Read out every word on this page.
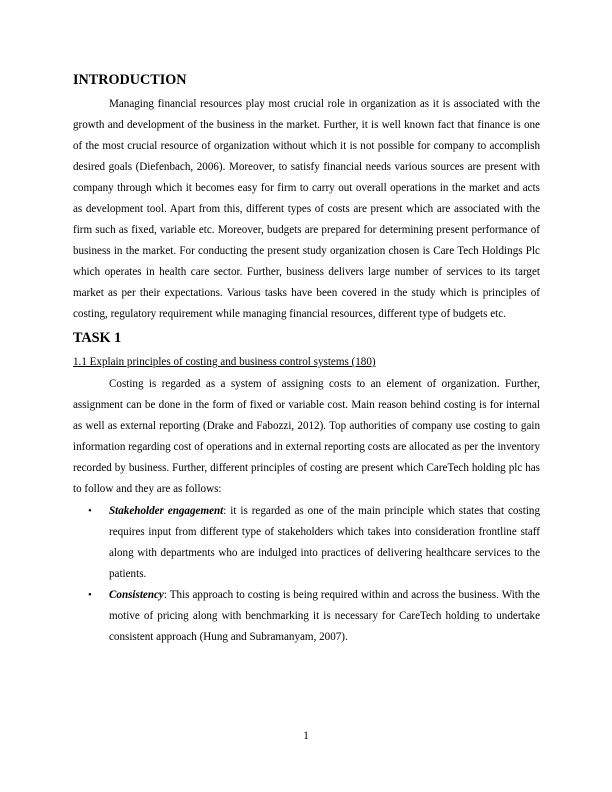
INTRODUCTION

Managing financial resources play most crucial role in organization as it is associated with the growth and development of the business in the market. Further, it is well known fact that finance is one of the most crucial resource of organization without which it is not possible for company to accomplish desired goals (Diefenbach, 2006). Moreover, to satisfy financial needs various sources are present with company through which it becomes easy for firm to carry out overall operations in the market and acts as development tool. Apart from this, different types of costs are present which are associated with the firm such as fixed, variable etc. Moreover, budgets are prepared for determining present performance of business in the market. For conducting the present study organization chosen is Care Tech Holdings Plc which operates in health care sector. Further, business delivers large number of services to its target market as per their expectations. Various tasks have been covered in the study which is principles of costing, regulatory requirement while managing financial resources, different type of budgets etc.

TASK 1

1.1 Explain principles of costing and business control systems (180)

Costing is regarded as a system of assigning costs to an element of organization. Further, assignment can be done in the form of fixed or variable cost. Main reason behind costing is for internal as well as external reporting (Drake and Fabozzi, 2012). Top authorities of company use costing to gain information regarding cost of operations and in external reporting costs are allocated as per the inventory recorded by business. Further, different principles of costing are present which CareTech holding plc has to follow and they are as follows:

• Stakeholder engagement: it is regarded as one of the main principle which states that costing requires input from different type of stakeholders which takes into consideration frontline staff along with departments who are indulged into practices of delivering healthcare services to the patients.
• Consistency: This approach to costing is being required within and across the business. With the motive of pricing along with benchmarking it is necessary for CareTech holding to undertake consistent approach (Hung and Subramanyam, 2007).
1
